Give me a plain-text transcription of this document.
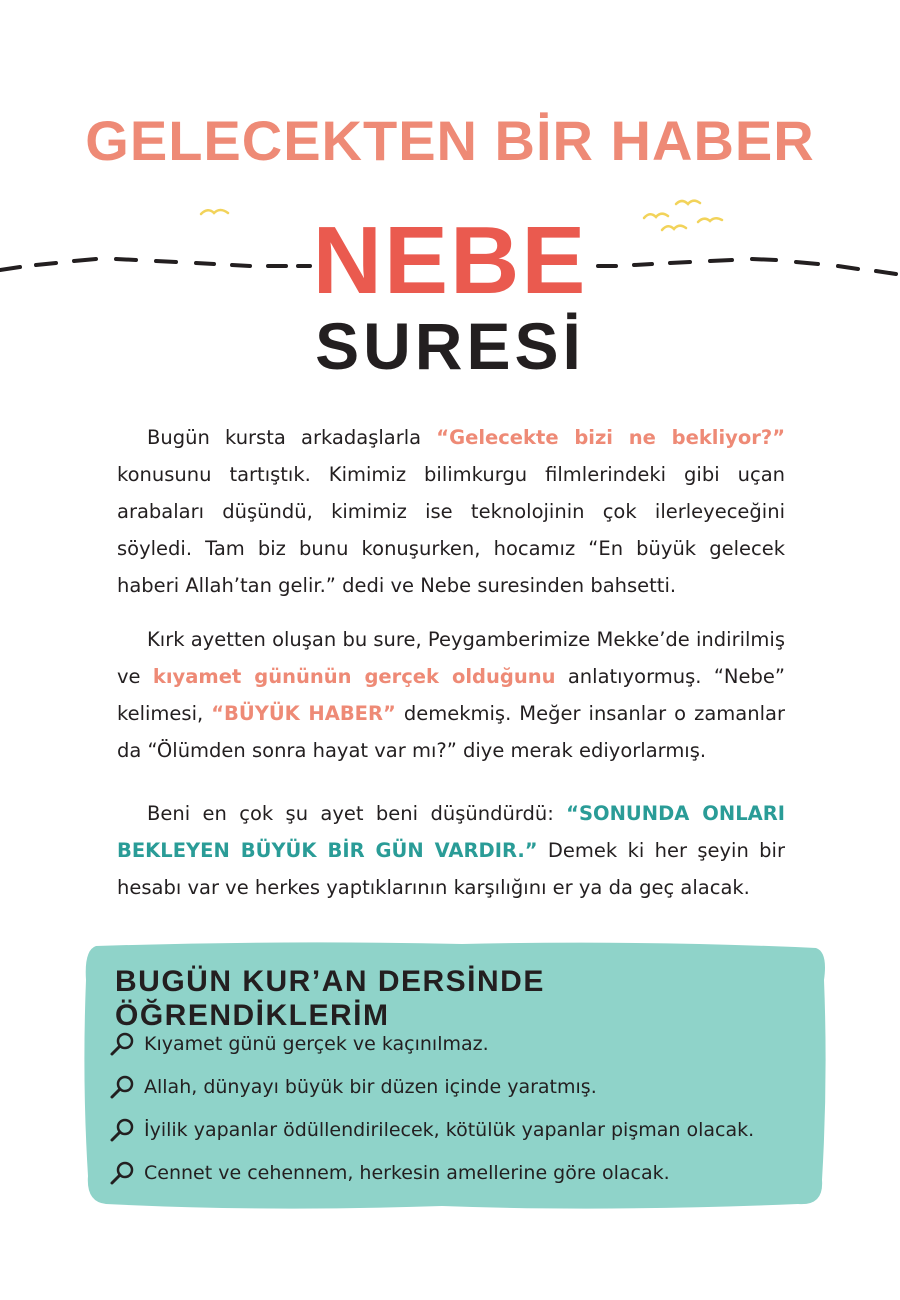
GELECEKTEN BİR HABER
NEBE
SURESİ

Bugün kursta arkadaşlarla “Gelecekte bizi ne bekliyor?” konusunu tartıştık. Kimimiz bilimkurgu filmlerindeki gibi uçan arabaları düşündü, kimimiz ise teknolojinin çok ilerleyeceğini söyledi. Tam biz bunu konuşurken, hocamız “En büyük gelecek haberi Allah’tan gelir.” dedi ve Nebe suresinden bahsetti.

Kırk ayetten oluşan bu sure, Peygamberimize Mekke’de indirilmiş ve kıyamet gününün gerçek olduğunu anlatıyormuş. “Nebe” kelimesi, “BÜYÜK HABER” demekmiş. Meğer insanlar o zamanlar da “Ölümden sonra hayat var mı?” diye merak ediyorlarmış.

Beni en çok şu ayet beni düşündürdü: “SONUNDA ONLARI BEKLEYEN BÜYÜK BİR GÜN VARDIR.” Demek ki her şeyin bir hesabı var ve herkes yaptıklarının karşılığını er ya da geç alacak.

BUGÜN KUR’AN DERSİNDE ÖĞRENDİKLERİM
Kıyamet günü gerçek ve kaçınılmaz.
Allah, dünyayı büyük bir düzen içinde yaratmış.
İyilik yapanlar ödüllendirilecek, kötülük yapanlar pişman olacak.
Cennet ve cehennem, herkesin amellerine göre olacak.
